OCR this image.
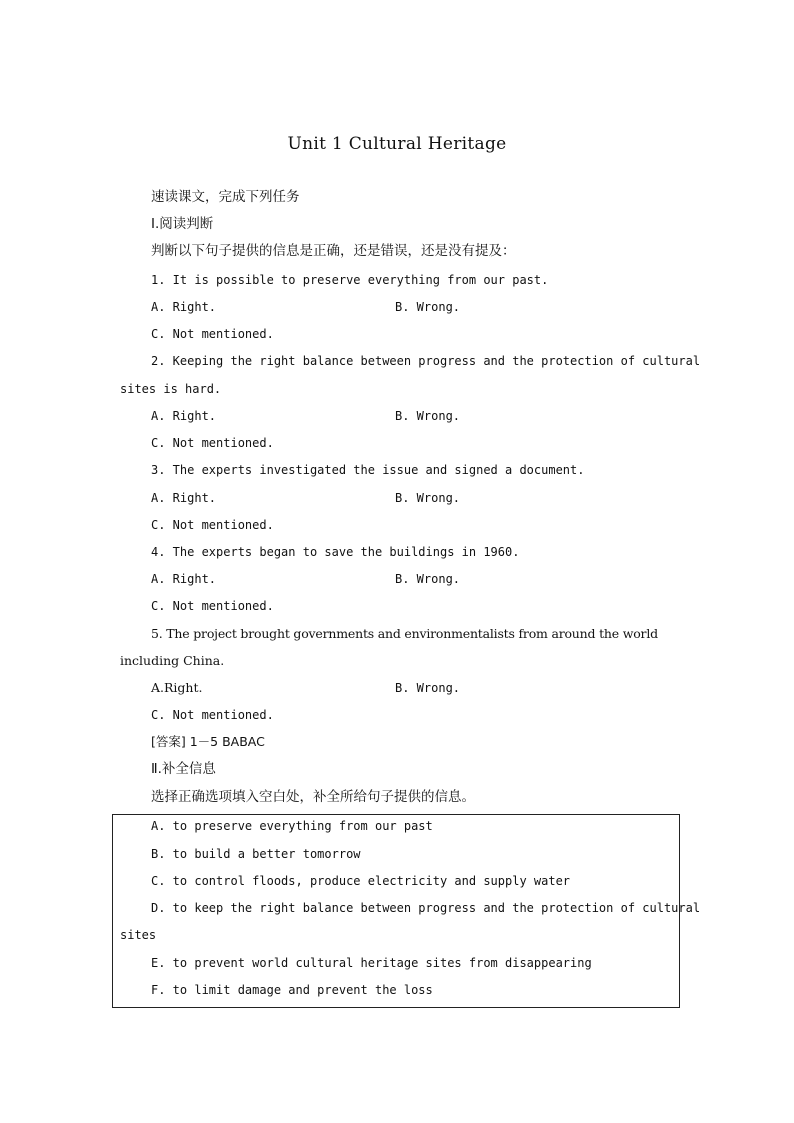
Unit 1 Cultural Heritage
速读课文，完成下列任务
Ⅰ.阅读判断
判断以下句子提供的信息是正确，还是错误，还是没有提及：
1. It is possible to preserve everything from our past.
A. Right.	B. Wrong.
C. Not mentioned.
2. Keeping the right balance between progress and the protection of cultural
sites is hard.
A. Right.	B. Wrong.
C. Not mentioned.
3. The experts investigated the issue and signed a document.
A. Right.	B. Wrong.
C. Not mentioned.
4. The experts began to save the buildings in 1960.
A. Right.	B. Wrong.
C. Not mentioned.
5. The project brought governments and environmentalists from around the world
including China.
A.Right.	B. Wrong.
C. Not mentioned.
[答案] 1－5 BABAC
Ⅱ.补全信息
选择正确选项填入空白处，补全所给句子提供的信息。
A. to preserve everything from our past
B. to build a better tomorrow
C. to control floods, produce electricity and supply water
D. to keep the right balance between progress and the protection of cultural
sites
E. to prevent world cultural heritage sites from disappearing
F. to limit damage and prevent the loss
